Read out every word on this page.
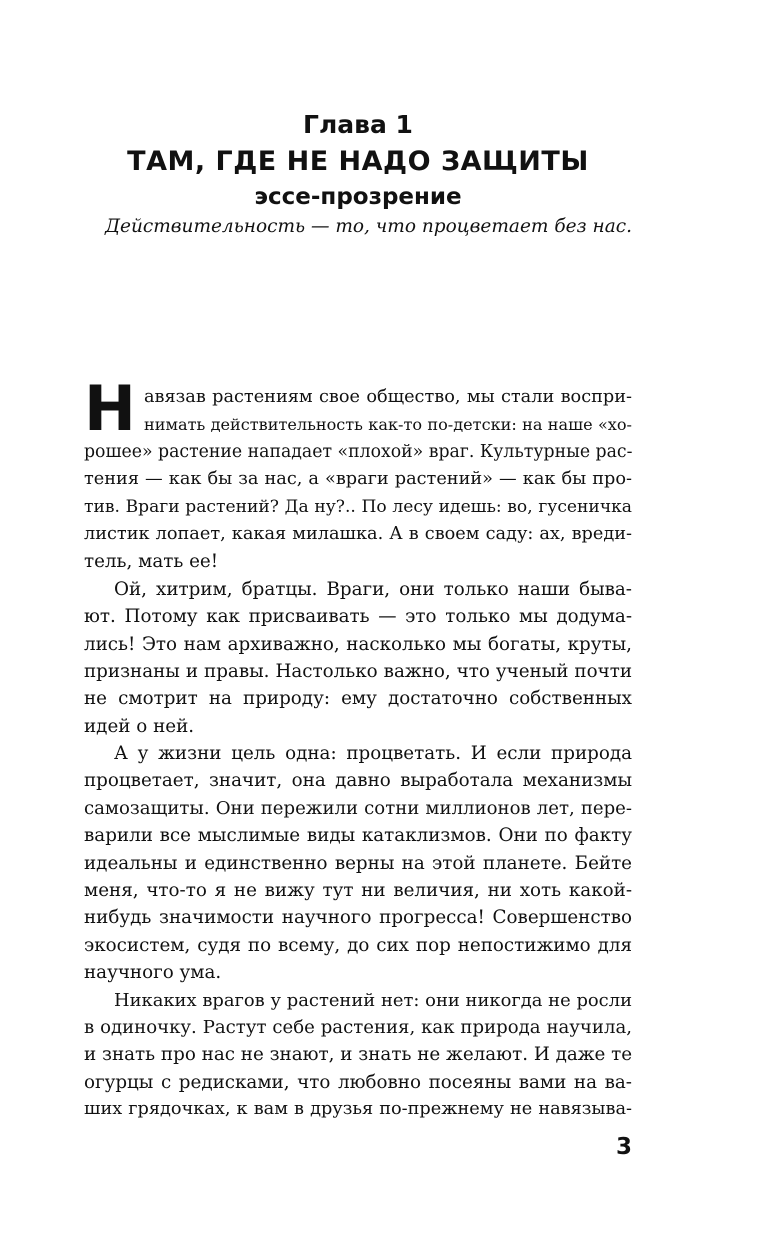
Глава 1
ТАМ, ГДЕ НЕ НАДО ЗАЩИТЫ
эссе-прозрение
Действительность — то, что процветает без нас.
Н авязав растениям свое общество, мы стали воспри-
нимать действительность как-то по-детски: на наше «хо-
рошее» растение нападает «плохой» враг. Культурные рас-
тения — как бы за нас, а «враги растений» — как бы про-
тив. Враги растений? Да ну?.. По лесу идешь: во, гусеничка
листик лопает, какая милашка. А в своем саду: ах, вреди-
тель, мать ее!

Ой, хитрим, братцы. Враги, они только наши бывa-
ют. Потому как присваивать — это только мы додума-
лись! Это нам архиважно, насколько мы богаты, круты,
признаны и правы. Настолько важно, что ученый почти
не смотрит на природу: ему достаточно собственных
идей о ней.

А у жизни цель одна: процветать. И если природа
процветает, значит, она давно выработала механизмы
самозащиты. Они пережили сотни миллионов лет, пере-
варили все мыслимые виды катаклизмов. Они по факту
идеальны и единственно верны на этой планете. Бейте
меня, что-то я не вижу тут ни величия, ни хоть какой-
нибудь значимости научного прогресса! Совершенство
экосистем, судя по всему, до сих пор непостижимо для
научного ума.

Никаких врагов у растений нет: они никогда не росли
в одиночку. Растут себе растения, как природа научила,
и знать про нас не знают, и знать не желают. И даже те
огурцы с редисками, что любовно посеяны вами на ва-
ших грядочках, к вам в друзья по-прежнему не навязыва-

3
